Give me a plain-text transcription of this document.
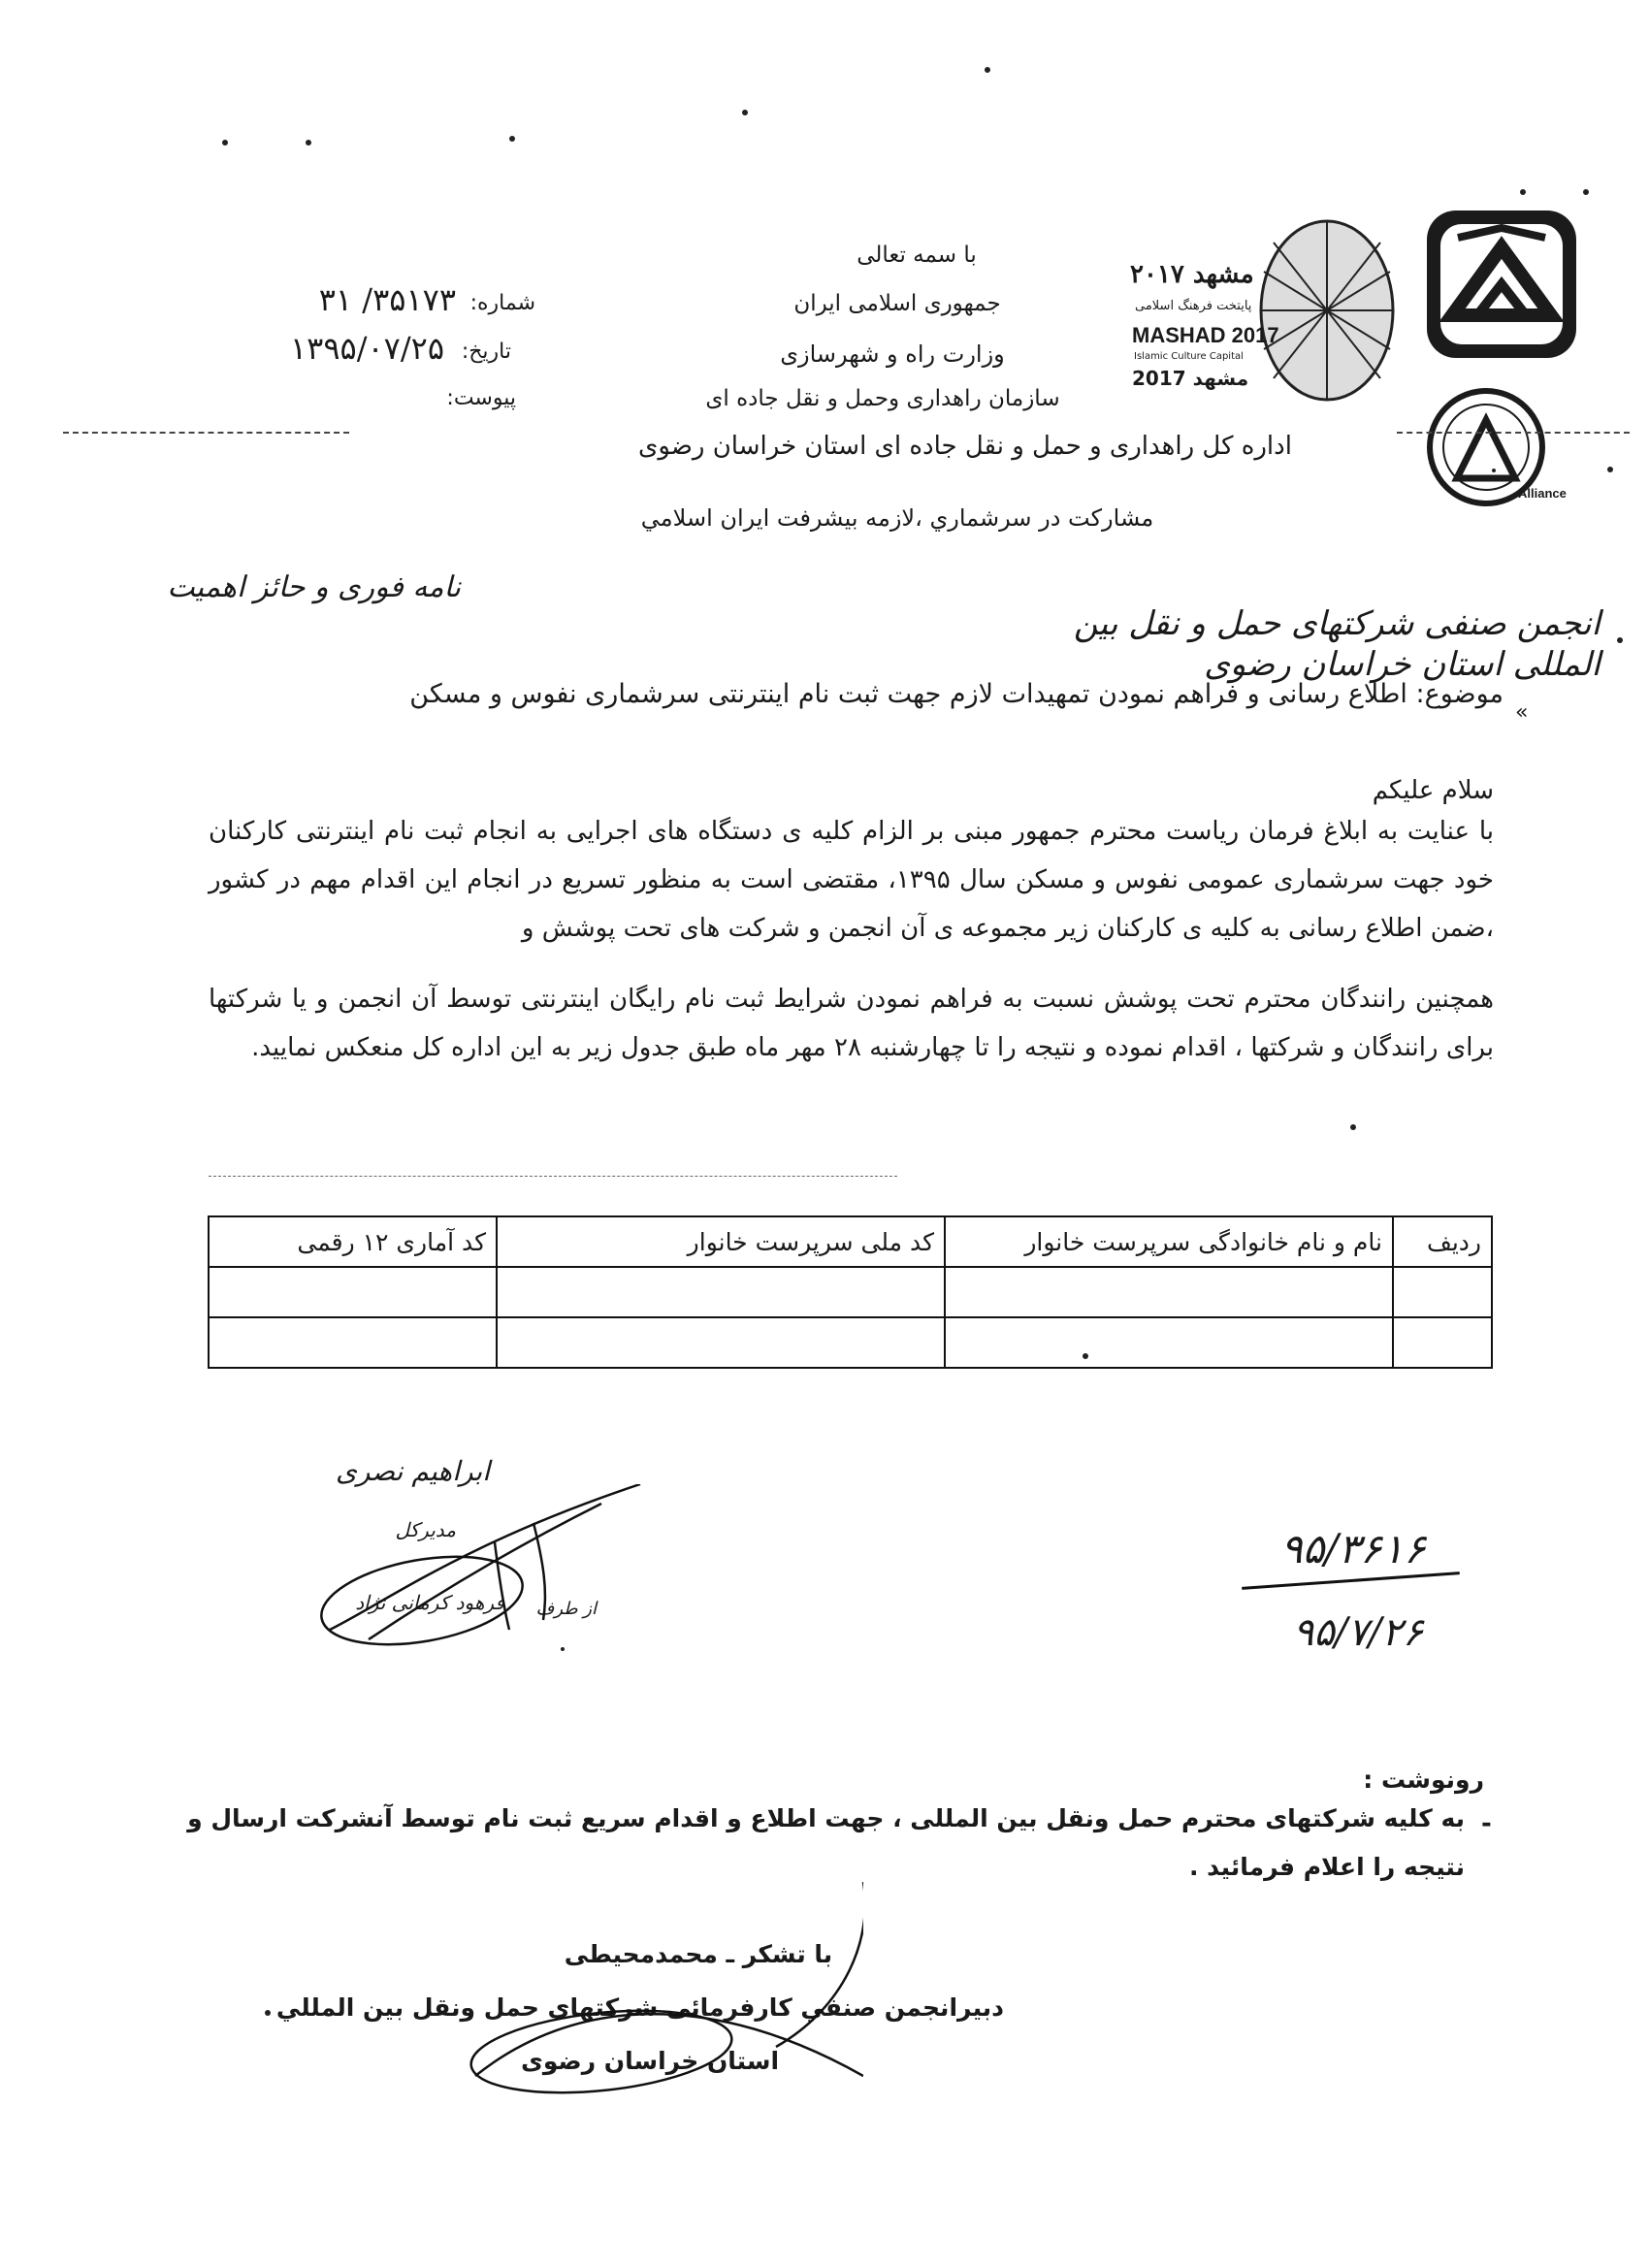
Alliance
مشهد ۲۰۱۷
پایتخت فرهنگ اسلامی
MASHAD 2017
Islamic Culture Capital
مشهد 2017
با سمه تعالی
جمهوری اسلامی ایران
وزارت راه و شهرسازی
سازمان راهداری وحمل و نقل جاده ای
اداره کل راهداری و حمل و نقل جاده ای استان خراسان رضوی
مشارکت در سرشماري ،لازمه بيشرفت ايران اسلامي
شماره:
۳۱ /۳۵۱۷۳
تاریخ:
۱۳۹۵/۰۷/۲۵
پیوست:
نامه فوری و حائز اهمیت
انجمن صنفی شرکتهای حمل و نقل بین المللی استان خراسان رضوی
«
موضوع: اطلاع رسانی و فراهم نمودن تمهیدات لازم جهت ثبت نام اینترنتی سرشماری نفوس و مسکن
سلام علیکم
با عنایت به ابلاغ فرمان ریاست محترم جمهور مبنی بر الزام کلیه ی دستگاه های اجرایی به انجام ثبت نام اینترنتی کارکنان خود جهت سرشماری عمومی نفوس و مسکن سال ۱۳۹۵، مقتضی است به منظور تسریع در انجام این اقدام مهم در کشور ،ضمن اطلاع رسانی به کلیه ی کارکنان زیر مجموعه ی آن انجمن و شرکت های تحت پوشش و
همچنین رانندگان محترم تحت پوشش نسبت به فراهم نمودن شرایط ثبت نام رایگان اینترنتی توسط آن انجمن و یا شرکتها برای رانندگان و شرکتها ، اقدام نموده و نتیجه را تا چهارشنبه ۲۸ مهر ماه طبق جدول زیر به این اداره کل منعکس نمایید.
ردیف	نام و نام خانوادگی سرپرست خانوار	کد ملی سرپرست خانوار	کد آماری ۱۲ رقمی

ابراهیم نصری
مدیرکل
از طرف
فرهود کرمانی نژاد
۹۵/۳۶۱۶
۹۵/۷/۲۶
رونوشت :
-
به کلیه شرکتهای محترم حمل ونقل بین المللی ، جهت اطلاع و اقدام سریع ثبت نام توسط آنشرکت ارسال و
نتیجه را اعلام فرمائید .
با تشکر ـ محمدمحیطی
دبیرانجمن صنفي كارفرمائی شرکتهای حمل ونقل بین المللي
استان خراسان رضوی
